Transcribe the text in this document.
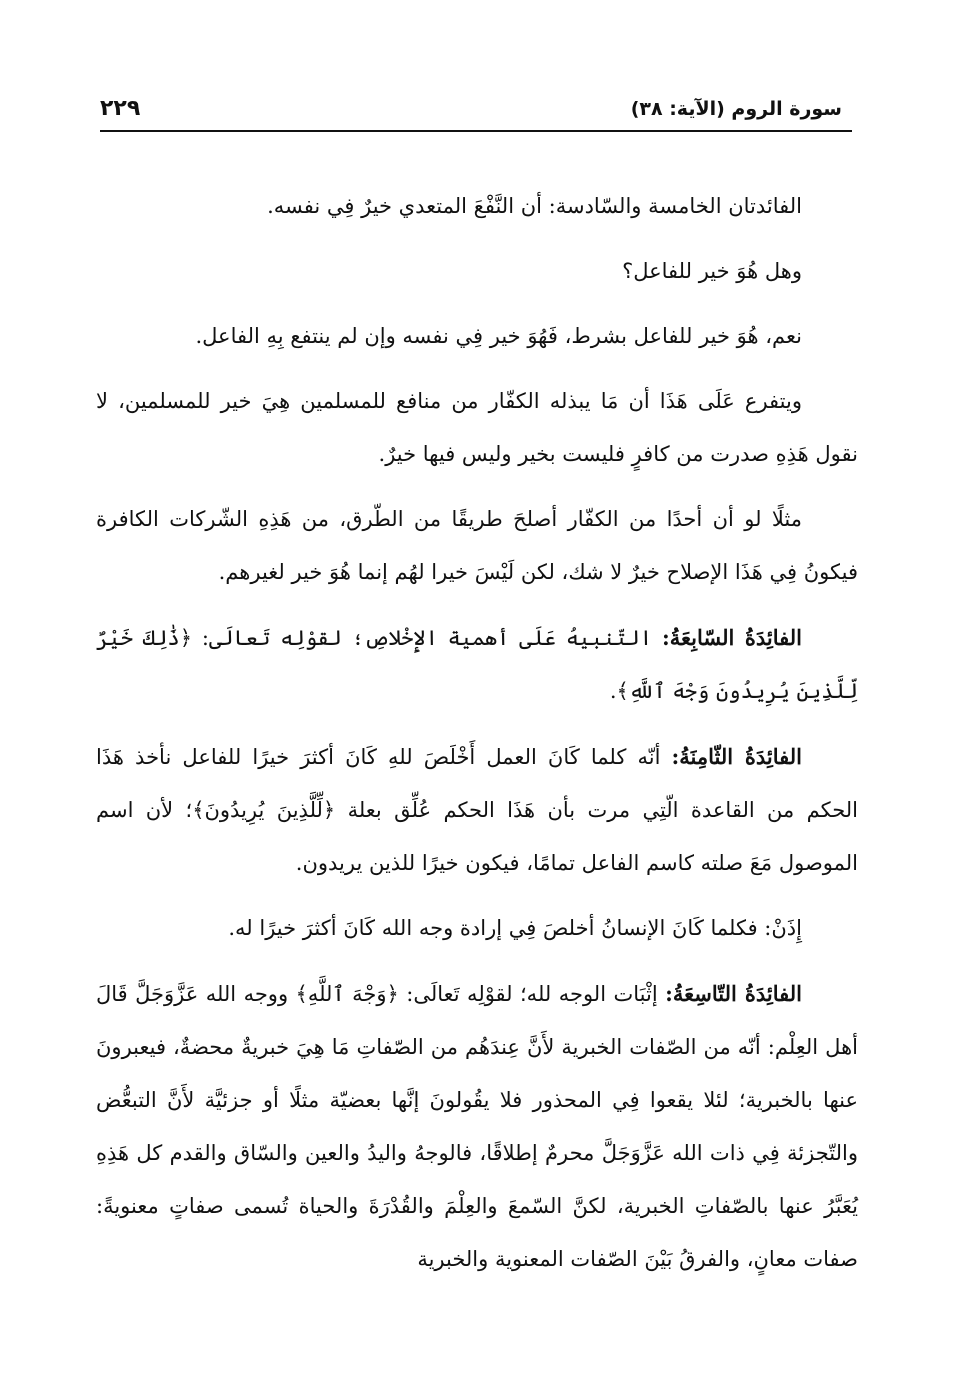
سورة الروم (الآية: ٣٨)
٢٢٩

الفائدتان الخامسة والسّادسة: أن النَّفْعَ المتعدي خيرٌ فِي نفسه.

وهل هُوَ خير للفاعل؟

نعم، هُوَ خير للفاعل بشرط، فَهُوَ خير فِي نفسه وإن لم ينتفع بِهِ الفاعل.

ويتفرع عَلَى هَذَا أن مَا يبذله الكفّار من منافع للمسلمين هِيَ خير للمسلمين، لا نقول هَذِهِ صدرت من كافرٍ فليست بخير وليس فيها خيرٌ.

مثلًا لو أن أحدًا من الكفّار أصلحَ طريقًا من الطّرق، من هَذِهِ الشّركات الكافرة فيكونُ فِي هَذَا الإصلاح خيرٌ لا شك، لكن لَيْسَ خيرا لهُم إنما هُوَ خير لغيرهم.

الفائِدَةُ السّابِعَةُ: التّنبيهُ عَلَى أهمية الإِخْلاصِ؛ لقوْلِه تَعالَى: ﴿ذَٰلِكَ خَيْرٌ لِّلَّذِينَ يُرِيدُونَ وَجْهَ ٱللَّهِ﴾.

الفائِدَةُ الثّامِنَةُ: أنّه كلما كَانَ العمل أَخْلَصَ للهِ كَانَ أكثرَ خيرًا للفاعل نأخذ هَذَا الحكم من القاعدة الّتِي مرت بأن هَذَا الحكم عُلِّق بعلة ﴿لِّلَّذِينَ يُرِيدُونَ﴾؛ لأن اسم الموصول مَعَ صلته كاسم الفاعل تمامًا، فيكون خيرًا للذين يريدون.

إِذَنْ: فكلما كَانَ الإنسانُ أخلصَ فِي إرادة وجه الله كَانَ أكثرَ خيرًا له.

الفائِدَةُ التّاسِعَةُ: إثْبَات الوجه لله؛ لقوْلِه تَعالَى: ﴿وَجْهَ ٱللَّهِ﴾ ووجه الله عَزَّوَجَلَّ قَالَ أهل العِلْم: أنّه من الصّفات الخبرية لأَنَّ عِندَهُم من الصّفاتِ مَا هِيَ خبريةٌ محضةٌ، فيعبرونَ عنها بالخبرية؛ لئلا يقعوا فِي المحذور فلا يقُولونَ إنَّها بعضيّة مثلًا أو جزئيَّة لأَنَّ التبعُّض والتّجزئة فِي ذات الله عَزَّوَجَلَّ محرمٌ إطلاقًا، فالوجهُ واليدُ والعين والسّاق والقدم كل هَذِهِ يُعَبَّرُ عنها بالصّفاتِ الخبرية، لكنَّ السّمعَ والعِلْمَ والقُدْرَةَ والحياة تُسمى صفاتٍ معنويةً: صفات معانٍ، والفرقُ بَيْنَ الصّفات المعنوية والخبرية
